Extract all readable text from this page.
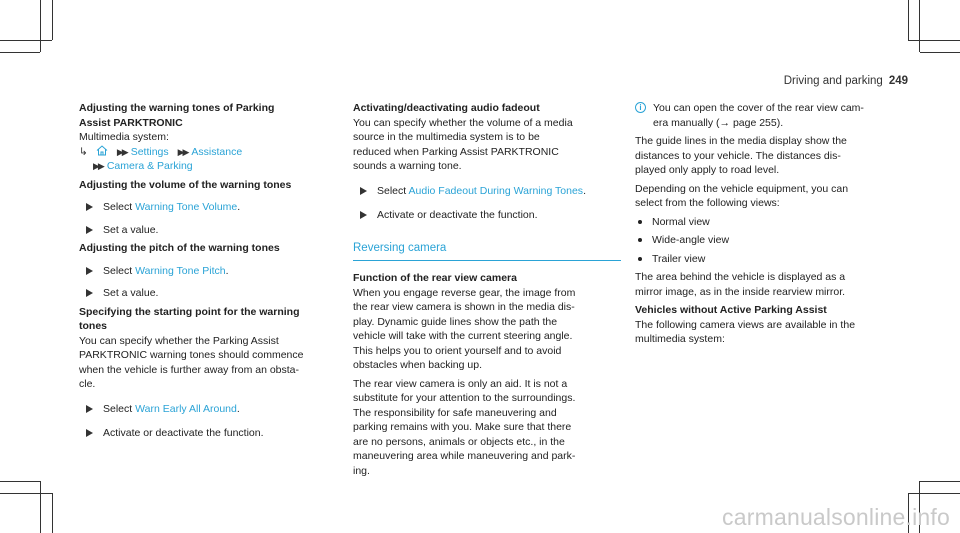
Driving and parking 249
Adjusting the warning tones of Parking
Assist PARKTRONIC
Multimedia system:
↳	▶▶ Settings ▶▶ Assistance
▶▶ Camera & Parking
Adjusting the volume of the warning tones
Select Warning Tone Volume.
Set a value.
Adjusting the pitch of the warning tones
Select Warning Tone Pitch.
Set a value.
Specifying the starting point for the warning
tones
You can specify whether the Parking Assist
PARKTRONIC warning tones should commence
when the vehicle is further away from an obsta-
cle.
Select Warn Early All Around.
Activate or deactivate the function.
Activating/deactivating audio fadeout
You can specify whether the volume of a media
source in the multimedia system is to be
reduced when Parking Assist PARKTRONIC
sounds a warning tone.
Select Audio Fadeout During Warning Tones.
Activate or deactivate the function.
Reversing camera
Function of the rear view camera
When you engage reverse gear, the image from
the rear view camera is shown in the media dis-
play. Dynamic guide lines show the path the
vehicle will take with the current steering angle.
This helps you to orient yourself and to avoid
obstacles when backing up.
The rear view camera is only an aid. It is not a
substitute for your attention to the surroundings.
The responsibility for safe maneuvering and
parking remains with you. Make sure that there
are no persons, animals or objects etc., in the
maneuvering area while maneuvering and park-
ing.
i	You can open the cover of the rear view cam-
era manually (→ page 255).
The guide lines in the media display show the
distances to your vehicle. The distances dis-
played only apply to road level.
Depending on the vehicle equipment, you can
select from the following views:
Normal view
Wide-angle view
Trailer view
The area behind the vehicle is displayed as a
mirror image, as in the inside rearview mirror.
Vehicles without Active Parking Assist
The following camera views are available in the
multimedia system:
carmanualsonline.info
